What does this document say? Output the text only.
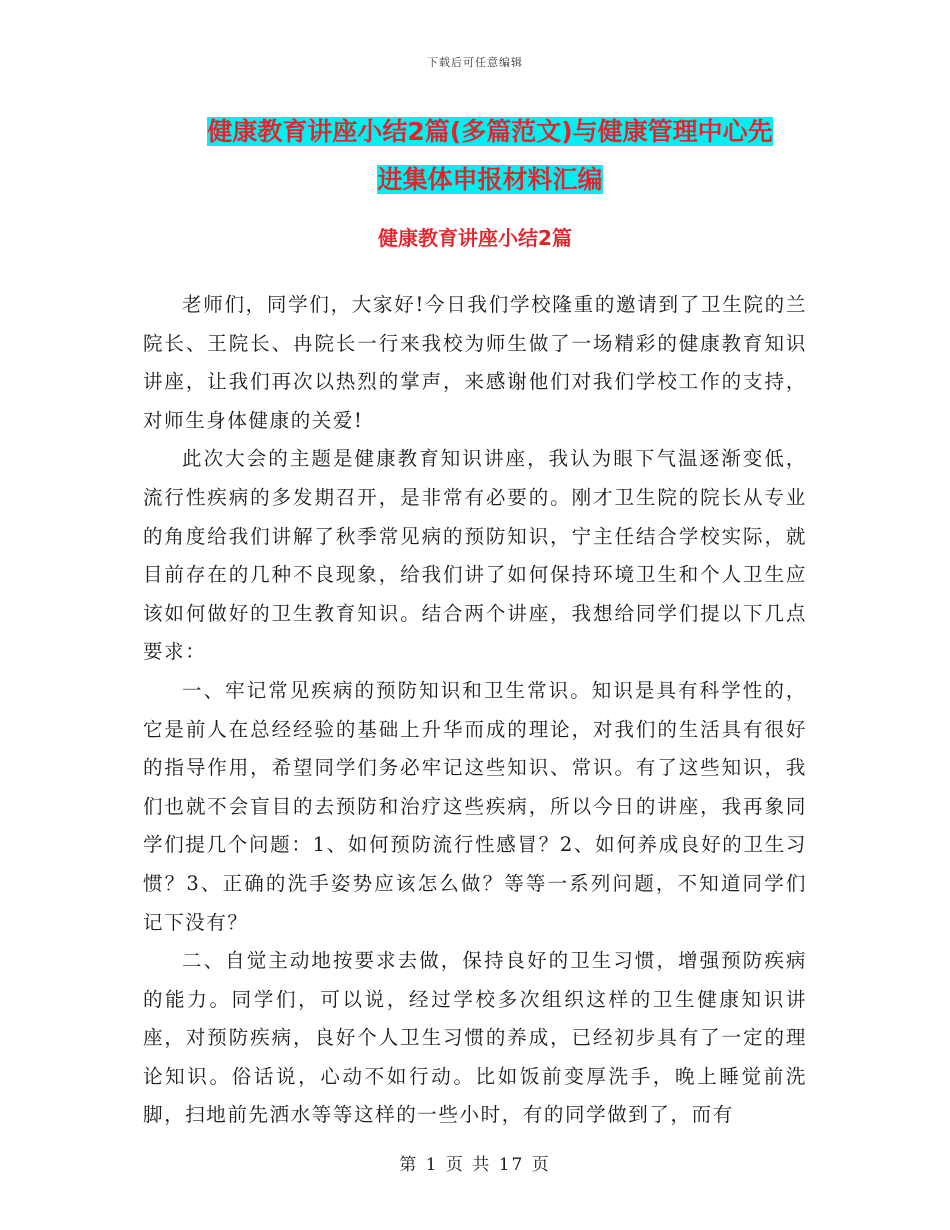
下载后可任意编辑
健康教育讲座小结2篇(多篇范文)与健康管理中心先
进集体申报材料汇编
健康教育讲座小结2篇

老师们，同学们，大家好!今日我们学校隆重的邀请到了卫生院的兰院长、王院长、冉院长一行来我校为师生做了一场精彩的健康教育知识讲座，让我们再次以热烈的掌声，来感谢他们对我们学校工作的支持，对师生身体健康的关爱!

此次大会的主题是健康教育知识讲座，我认为眼下气温逐渐变低，流行性疾病的多发期召开，是非常有必要的。刚才卫生院的院长从专业的角度给我们讲解了秋季常见病的预防知识，宁主任结合学校实际，就目前存在的几种不良现象，给我们讲了如何保持环境卫生和个人卫生应该如何做好的卫生教育知识。结合两个讲座，我想给同学们提以下几点要求：

一、牢记常见疾病的预防知识和卫生常识。知识是具有科学性的，它是前人在总经经验的基础上升华而成的理论，对我们的生活具有很好的指导作用，希望同学们务必牢记这些知识、常识。有了这些知识，我们也就不会盲目的去预防和治疗这些疾病，所以今日的讲座，我再象同学们提几个问题：1、如何预防流行性感冒？2、如何养成良好的卫生习惯？3、正确的洗手姿势应该怎么做？等等一系列问题，不知道同学们记下没有？

二、自觉主动地按要求去做，保持良好的卫生习惯，增强预防疾病的能力。同学们，可以说，经过学校多次组织这样的卫生健康知识讲座，对预防疾病，良好个人卫生习惯的养成，已经初步具有了一定的理论知识。俗话说，心动不如行动。比如饭前变厚洗手，晚上睡觉前洗脚，扫地前先洒水等等这样的一些小时，有的同学做到了，而有

第 1 页 共 17 页
